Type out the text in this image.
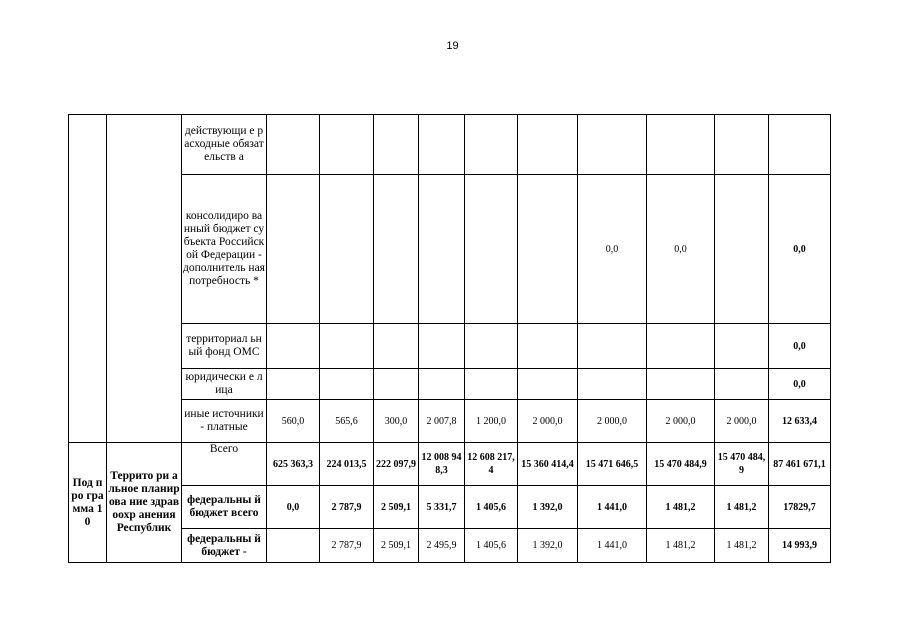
19
		действующи е расходные обязательств а										
		консолидиро ванный бюджет субъекта Российской Федерации - дополнитель ная потребность *							0,0	0,0		0,0
		территориал ьный фонд ОМС										0,0
		юридически е лица										0,0
		иные источники - платные	560,0	565,6	300,0	2 007,8	1 200,0	2 000,0	2 000,0	2 000,0	2 000,0	12 633,4
Под про гра мма 10	Террито ри альное планирова ние здравоохр анения Республик	Всего	625 363,3	224 013,5	222 097,9	12 008 948,3	12 608 217,4	15 360 414,4	15 471 646,5	15 470 484,9	15 470 484,9	87 461 671,1
		федеральны й бюджет всего	0,0	2 787,9	2 509,1	5 331,7	1 405,6	1 392,0	1 441,0	1 481,2	1 481,2	17829,7
		федеральны й бюджет -		2 787,9	2 509,1	2 495,9	1 405,6	1 392,0	1 441,0	1 481,2	1 481,2	14 993,9
